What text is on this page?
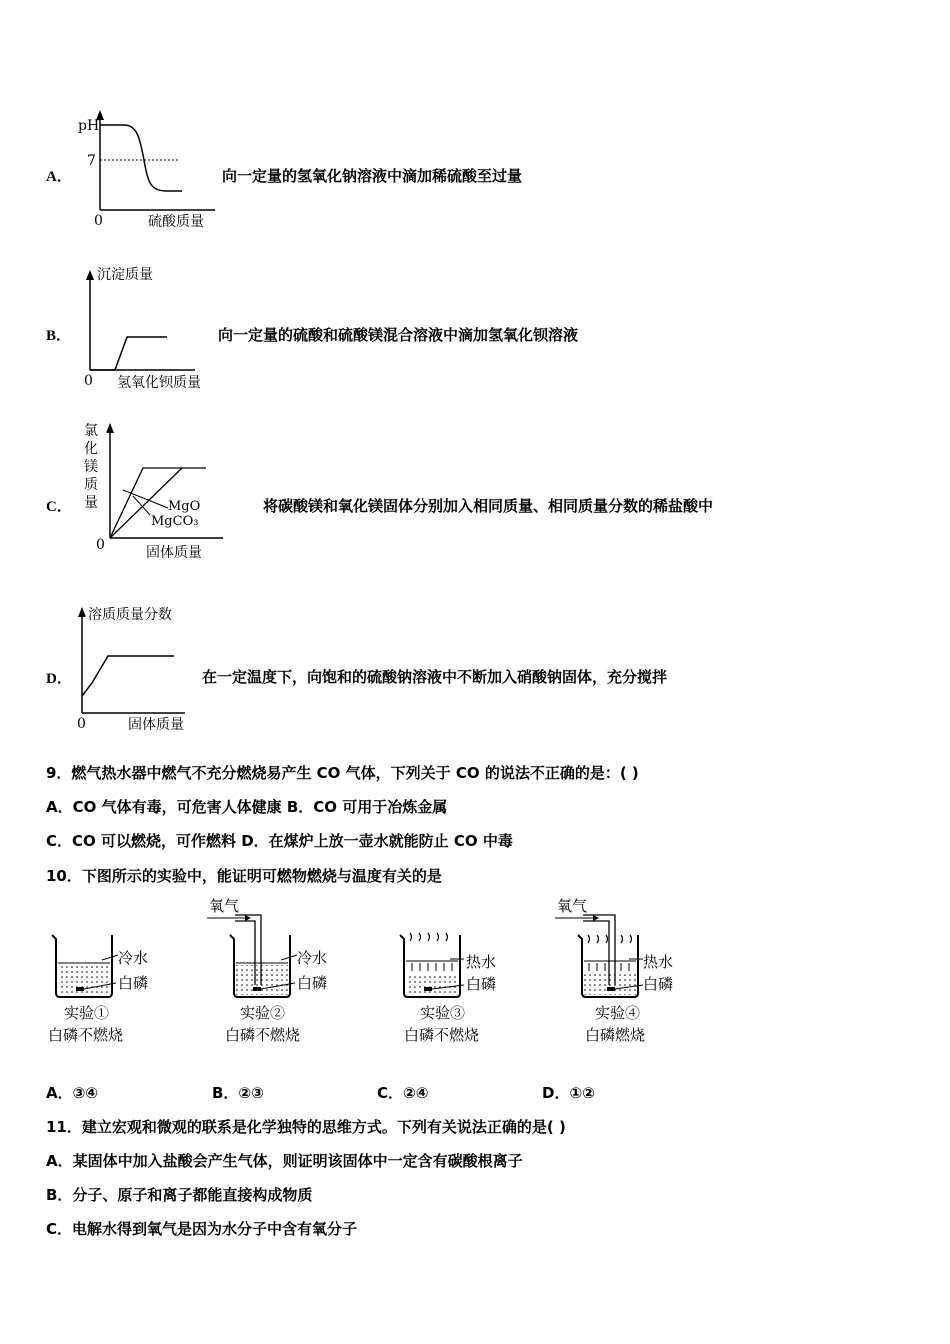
A．
pH
7
0	硫酸质量
向一定量的氢氧化钠溶液中滴加稀硫酸至过量
B．
沉淀质量
0 氢氧化钡质量
向一定量的硫酸和硫酸镁混合溶液中滴加氢氧化钡溶液
C．	MgO
MgCO₃
氯
化
镁
质
量
0	固体质量
将碳酸镁和氧化镁固体分别加入相同质量、相同质量分数的稀盐酸中
D．
溶质质量分数
0	固体质量
在一定温度下，向饱和的硫酸钠溶液中不断加入硝酸钠固体，充分搅拌
9．燃气热水器中燃气不充分燃烧易产生 CO 气体，下列关于 CO 的说法不正确的是：( )
A．CO 气体有毒，可危害人体健康 B．CO 可用于冶炼金属
C．CO 可以燃烧，可作燃料 D．在煤炉上放一壶水就能防止 CO 中毒
10．下图所示的实验中，能证明可燃物燃烧与温度有关的是
冷水
白磷
实验①
白磷不燃烧
氧气
冷水
白磷
实验②
白磷不燃烧
热水
白磷
实验③
白磷不燃烧
氧气
热水
白磷
实验④
白磷燃烧
A．③④	B．②③	C．②④	D．①②
11．建立宏观和微观的联系是化学独特的思维方式。下列有关说法正确的是( )
A．某固体中加入盐酸会产生气体，则证明该固体中一定含有碳酸根离子
B．分子、原子和离子都能直接构成物质
C．电解水得到氧气是因为水分子中含有氧分子
